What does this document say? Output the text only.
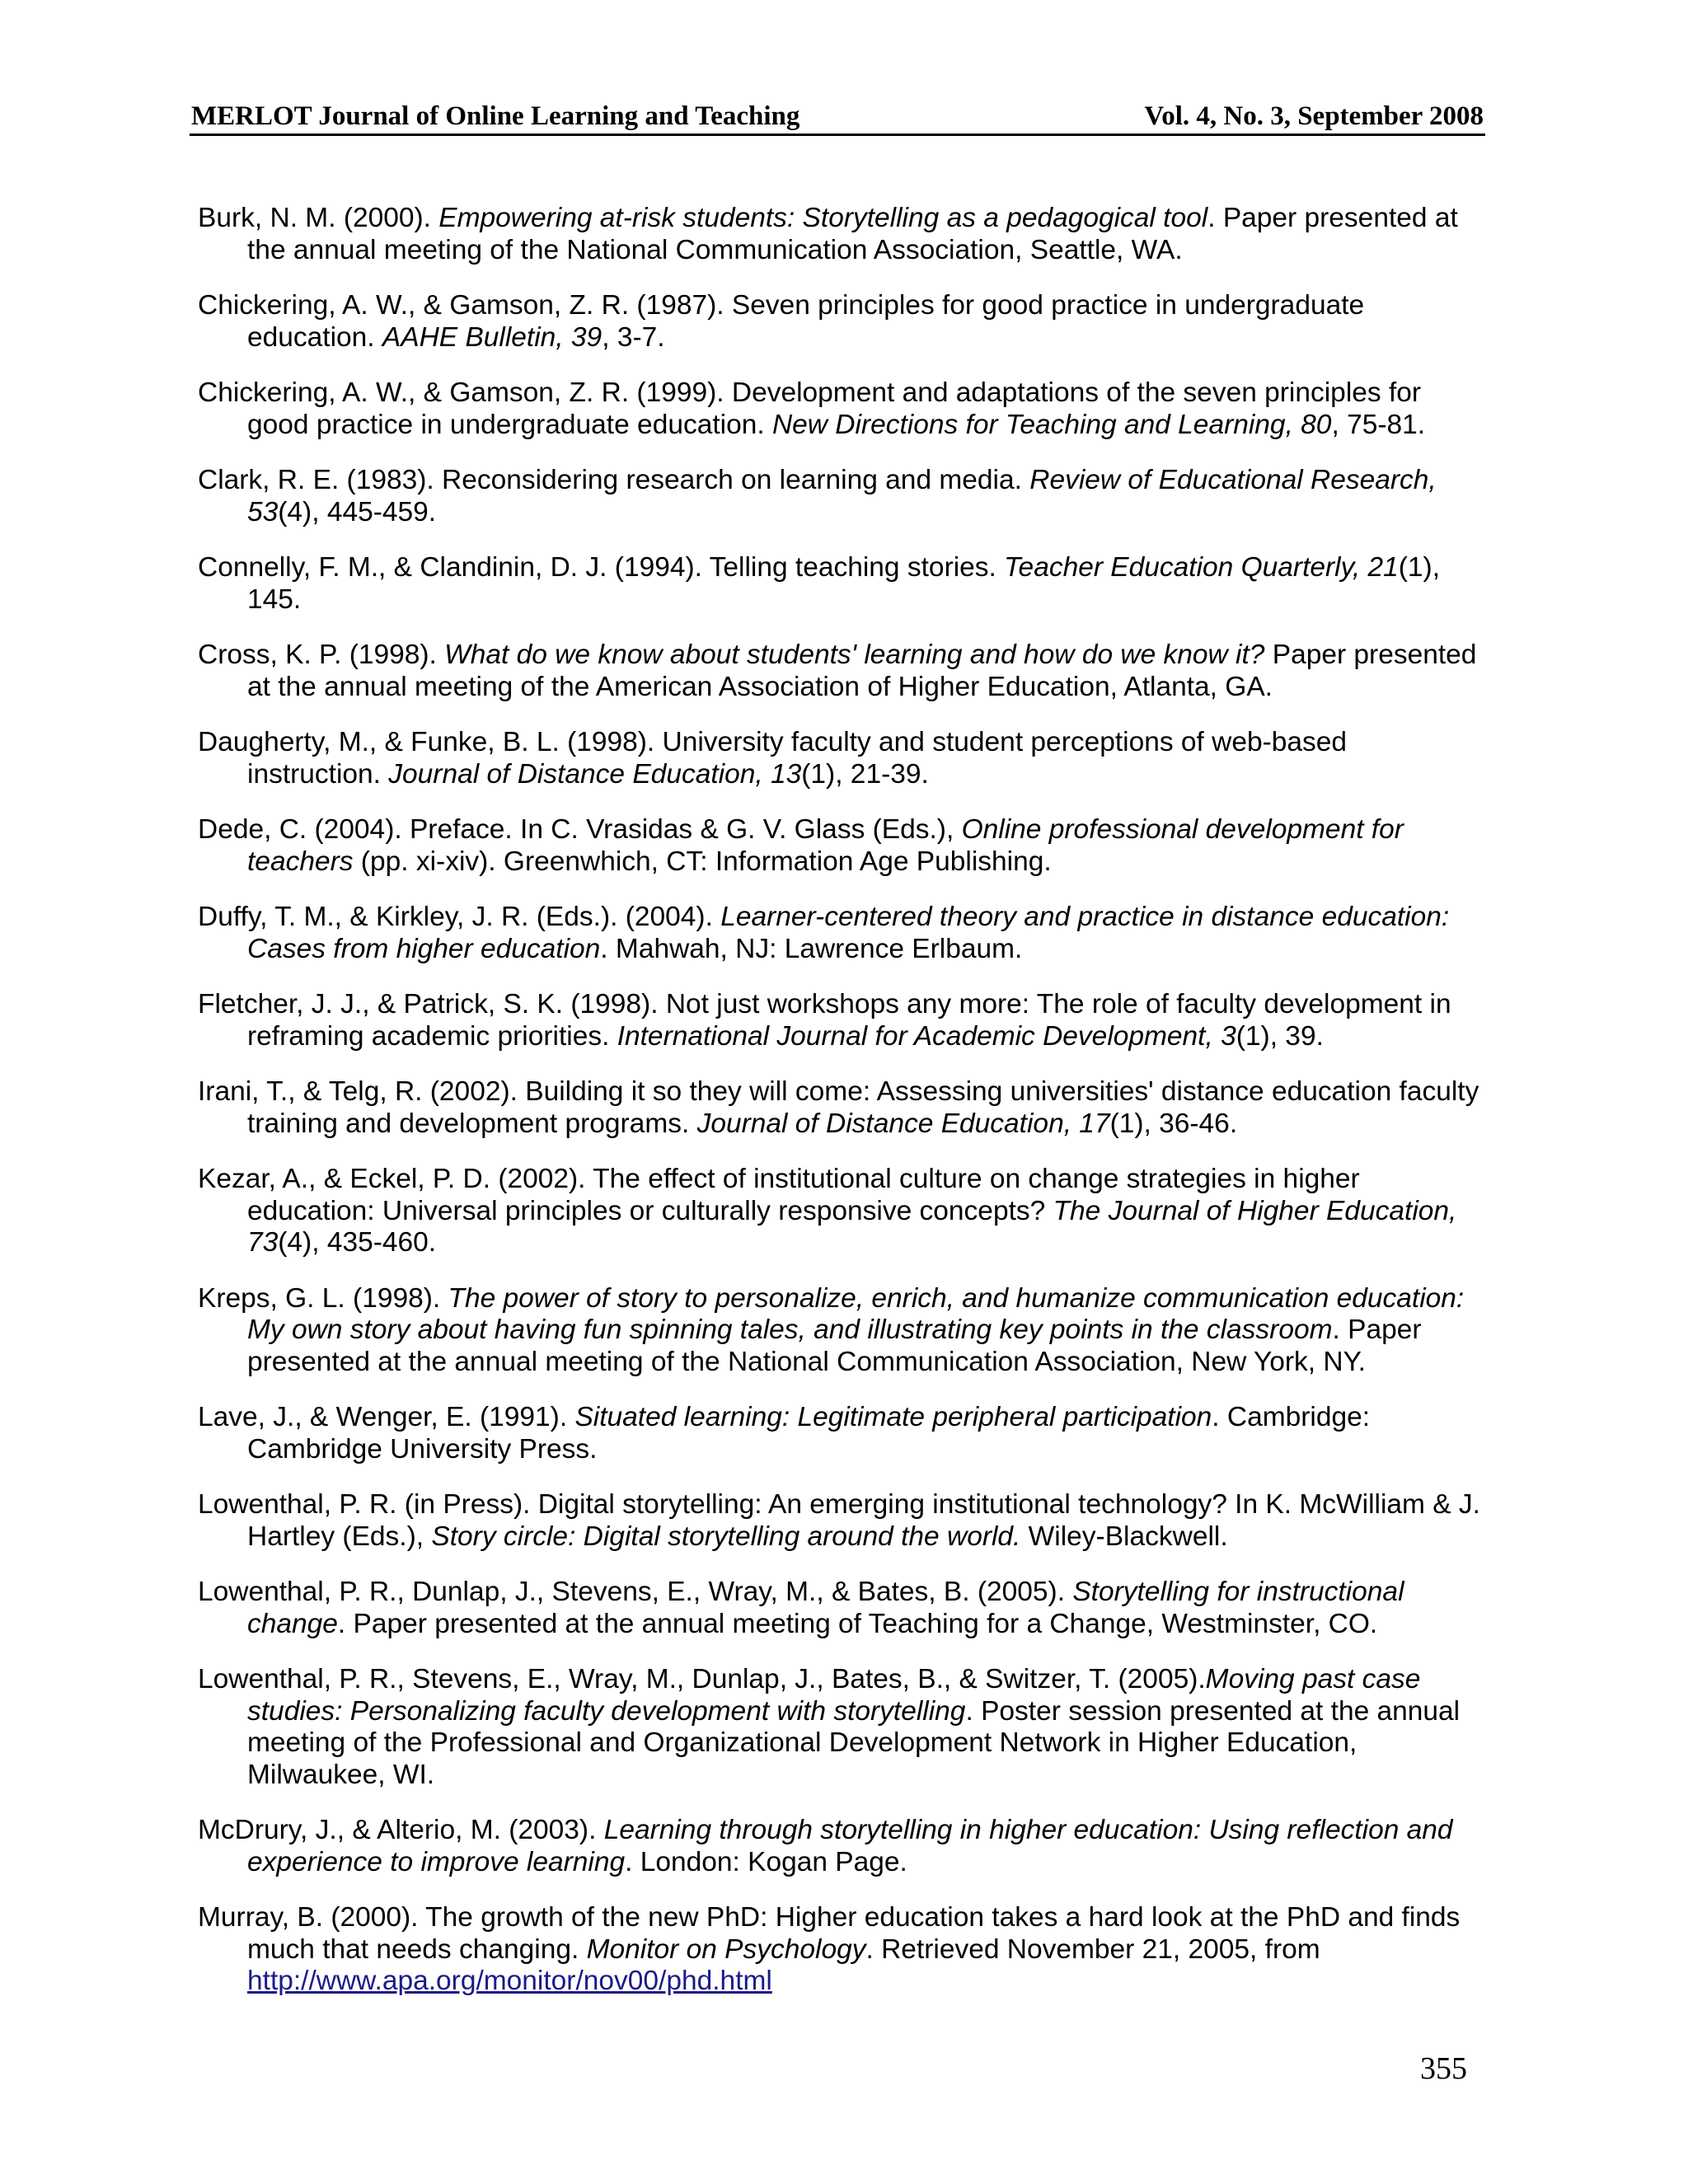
MERLOT Journal of Online Learning and Teaching	Vol. 4, No. 3, September 2008

Burk, N. M. (2000). Empowering at-risk students: Storytelling as a pedagogical tool. Paper presented at the annual meeting of the National Communication Association, Seattle, WA.

Chickering, A. W., & Gamson, Z. R. (1987). Seven principles for good practice in undergraduate education. AAHE Bulletin, 39, 3-7.

Chickering, A. W., & Gamson, Z. R. (1999). Development and adaptations of the seven principles for good practice in undergraduate education. New Directions for Teaching and Learning, 80, 75-81.

Clark, R. E. (1983). Reconsidering research on learning and media. Review of Educational Research, 53(4), 445-459.

Connelly, F. M., & Clandinin, D. J. (1994). Telling teaching stories. Teacher Education Quarterly, 21(1), 145.

Cross, K. P. (1998). What do we know about students' learning and how do we know it? Paper presented at the annual meeting of the American Association of Higher Education, Atlanta, GA.

Daugherty, M., & Funke, B. L. (1998). University faculty and student perceptions of web-based instruction. Journal of Distance Education, 13(1), 21-39.

Dede, C. (2004). Preface. In C. Vrasidas & G. V. Glass (Eds.), Online professional development for teachers (pp. xi-xiv). Greenwhich, CT: Information Age Publishing.

Duffy, T. M., & Kirkley, J. R. (Eds.). (2004). Learner-centered theory and practice in distance education: Cases from higher education. Mahwah, NJ: Lawrence Erlbaum.

Fletcher, J. J., & Patrick, S. K. (1998). Not just workshops any more: The role of faculty development in reframing academic priorities. International Journal for Academic Development, 3(1), 39.

Irani, T., & Telg, R. (2002). Building it so they will come: Assessing universities' distance education faculty training and development programs. Journal of Distance Education, 17(1), 36-46.

Kezar, A., & Eckel, P. D. (2002). The effect of institutional culture on change strategies in higher education: Universal principles or culturally responsive concepts? The Journal of Higher Education, 73(4), 435-460.

Kreps, G. L. (1998). The power of story to personalize, enrich, and humanize communication education: My own story about having fun spinning tales, and illustrating key points in the classroom. Paper presented at the annual meeting of the National Communication Association, New York, NY.

Lave, J., & Wenger, E. (1991). Situated learning: Legitimate peripheral participation. Cambridge: Cambridge University Press.

Lowenthal, P. R. (in Press). Digital storytelling: An emerging institutional technology? In K. McWilliam & J. Hartley (Eds.), Story circle: Digital storytelling around the world. Wiley-Blackwell.

Lowenthal, P. R., Dunlap, J., Stevens, E., Wray, M., & Bates, B. (2005). Storytelling for instructional change. Paper presented at the annual meeting of Teaching for a Change, Westminster, CO.

Lowenthal, P. R., Stevens, E., Wray, M., Dunlap, J., Bates, B., & Switzer, T. (2005).Moving past case studies: Personalizing faculty development with storytelling. Poster session presented at the annual meeting of the Professional and Organizational Development Network in Higher Education, Milwaukee, WI.

McDrury, J., & Alterio, M. (2003). Learning through storytelling in higher education: Using reflection and experience to improve learning. London: Kogan Page.

Murray, B. (2000). The growth of the new PhD: Higher education takes a hard look at the PhD and finds much that needs changing. Monitor on Psychology. Retrieved November 21, 2005, from http://www.apa.org/monitor/nov00/phd.html

355
